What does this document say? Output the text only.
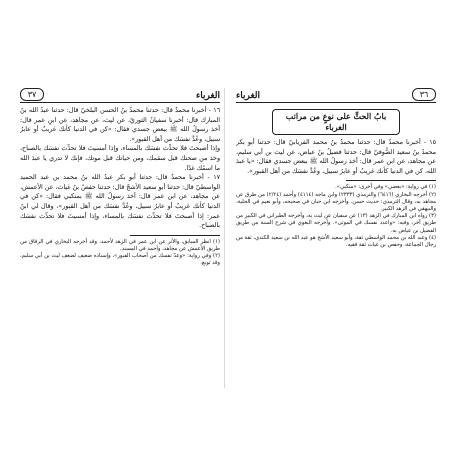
الغرباء
٣٧

١٦ - أخبرنا محمدٌ قال: حدثنا محمدُ بنُ الحسن البلخيّ قال: حدثنا عبدُ الله بنُ المبارك قال: أخبرنا سفيانُ الثوريّ، عن ليث، عن مجاهد، عن ابنِ عمر قال: أخذ رسولُ الله ﷺ ببعض جسدي فقال: «كن في الدنيا كأنك غريبٌ أو عابرُ سبيل، وعُدَّ نفسَك من أهل القبور».

وإذا أصبحتَ فلا تحدِّث نفسَك بالمساء، وإذا أمسيتَ فلا تحدِّث نفسَك بالصباح، وخذ من صحتك قبل سقمك، ومن حياتك قبل موتك، فإنك لا تدري يا عبدَ الله ما اسمُك غدًا.

١٧ - أخبرنا محمدٌ قال: حدثنا أبو بكر عبدُ الله بنُ محمد بن عبد الحميد الواسطيّ قال: حدثنا أبو سعيد الأشجّ قال: حدثنا حفصُ بنُ غياث، عن الأعمش، عن مجاهد، عن ابن عمر قال: أخذ رسولُ الله ﷺ بمنكبي فقال: «كن في الدنيا كأنك غريبٌ أو عابرُ سبيل، وعُدَّ نفسَك من أهل القبور»، وقال لي ابنُ عمر: إذا أصبحتَ فلا تحدِّث نفسَك بالمساء، وإذا أمسيتَ فلا تحدِّث نفسَك بالصباح.

(١) انظر السابق، والأثر عن ابن عمر في الزهد لأحمد، وقد أخرجه البخاري في الرقاق من طريق الأعمش عن مجاهد، وأحمد في المسند.

(٢) وفي رواية: «وعدّ نفسك من أصحاب القبور»، وإسناده ضعيف لضعف ليث بن أبي سليم، وقد توبع.

٣٦
الغرباء
بابُ الحثِّ على نوعٍ من مراتب الغرباء

١٥ - أخبرنا محمدٌ قال: حدثنا محمدُ بنُ محمد الفريابيّ قال: حدثنا أبو بكر محمدُ بنُ سعيد الصُّوفيّ قال: حدثنا فضيلُ بنُ عياض، عن ليث بن أبي سليم، عن مجاهد، عن ابن عمر قال: أخذ رسولُ الله ﷺ ببعض جسدي فقال: «يا عبدَ الله، كن في الدنيا كأنك غريبٌ أو عابرُ سبيل، وعُدَّ نفسَك من أهل القبور».

(١) في رواية: «بعضي» وفي أخرى: «منكبي».

(٢) أخرجه البخاري (٦٤١٦) والترمذي (٢٣٣٣) وابن ماجه (٤١١٤) وأحمد (٢/٢٤) من طرق عن مجاهد به، وقال الترمذي: حديث حسن. وأخرجه ابن حبان في صحيحه، وأبو نعيم في الحلية، والبيهقي في الزهد الكبير.

(٣) رواه ابن المبارك في الزهد (١٣) عن سفيان عن ليث به، وأخرجه الطبراني في الكبير من طريق آخر، وفيه: «واعدد نفسك في الموتى». وأخرجه البغوي في شرح السنة من طريق الفضيل بن عياض به.

(٤) وعبد الله بن محمد الواسطي ثقة، وأبو سعيد الأشج هو عبد الله بن سعيد الكندي، ثقة من رجال الجماعة، وحفص بن غياث ثقة فقيه.
